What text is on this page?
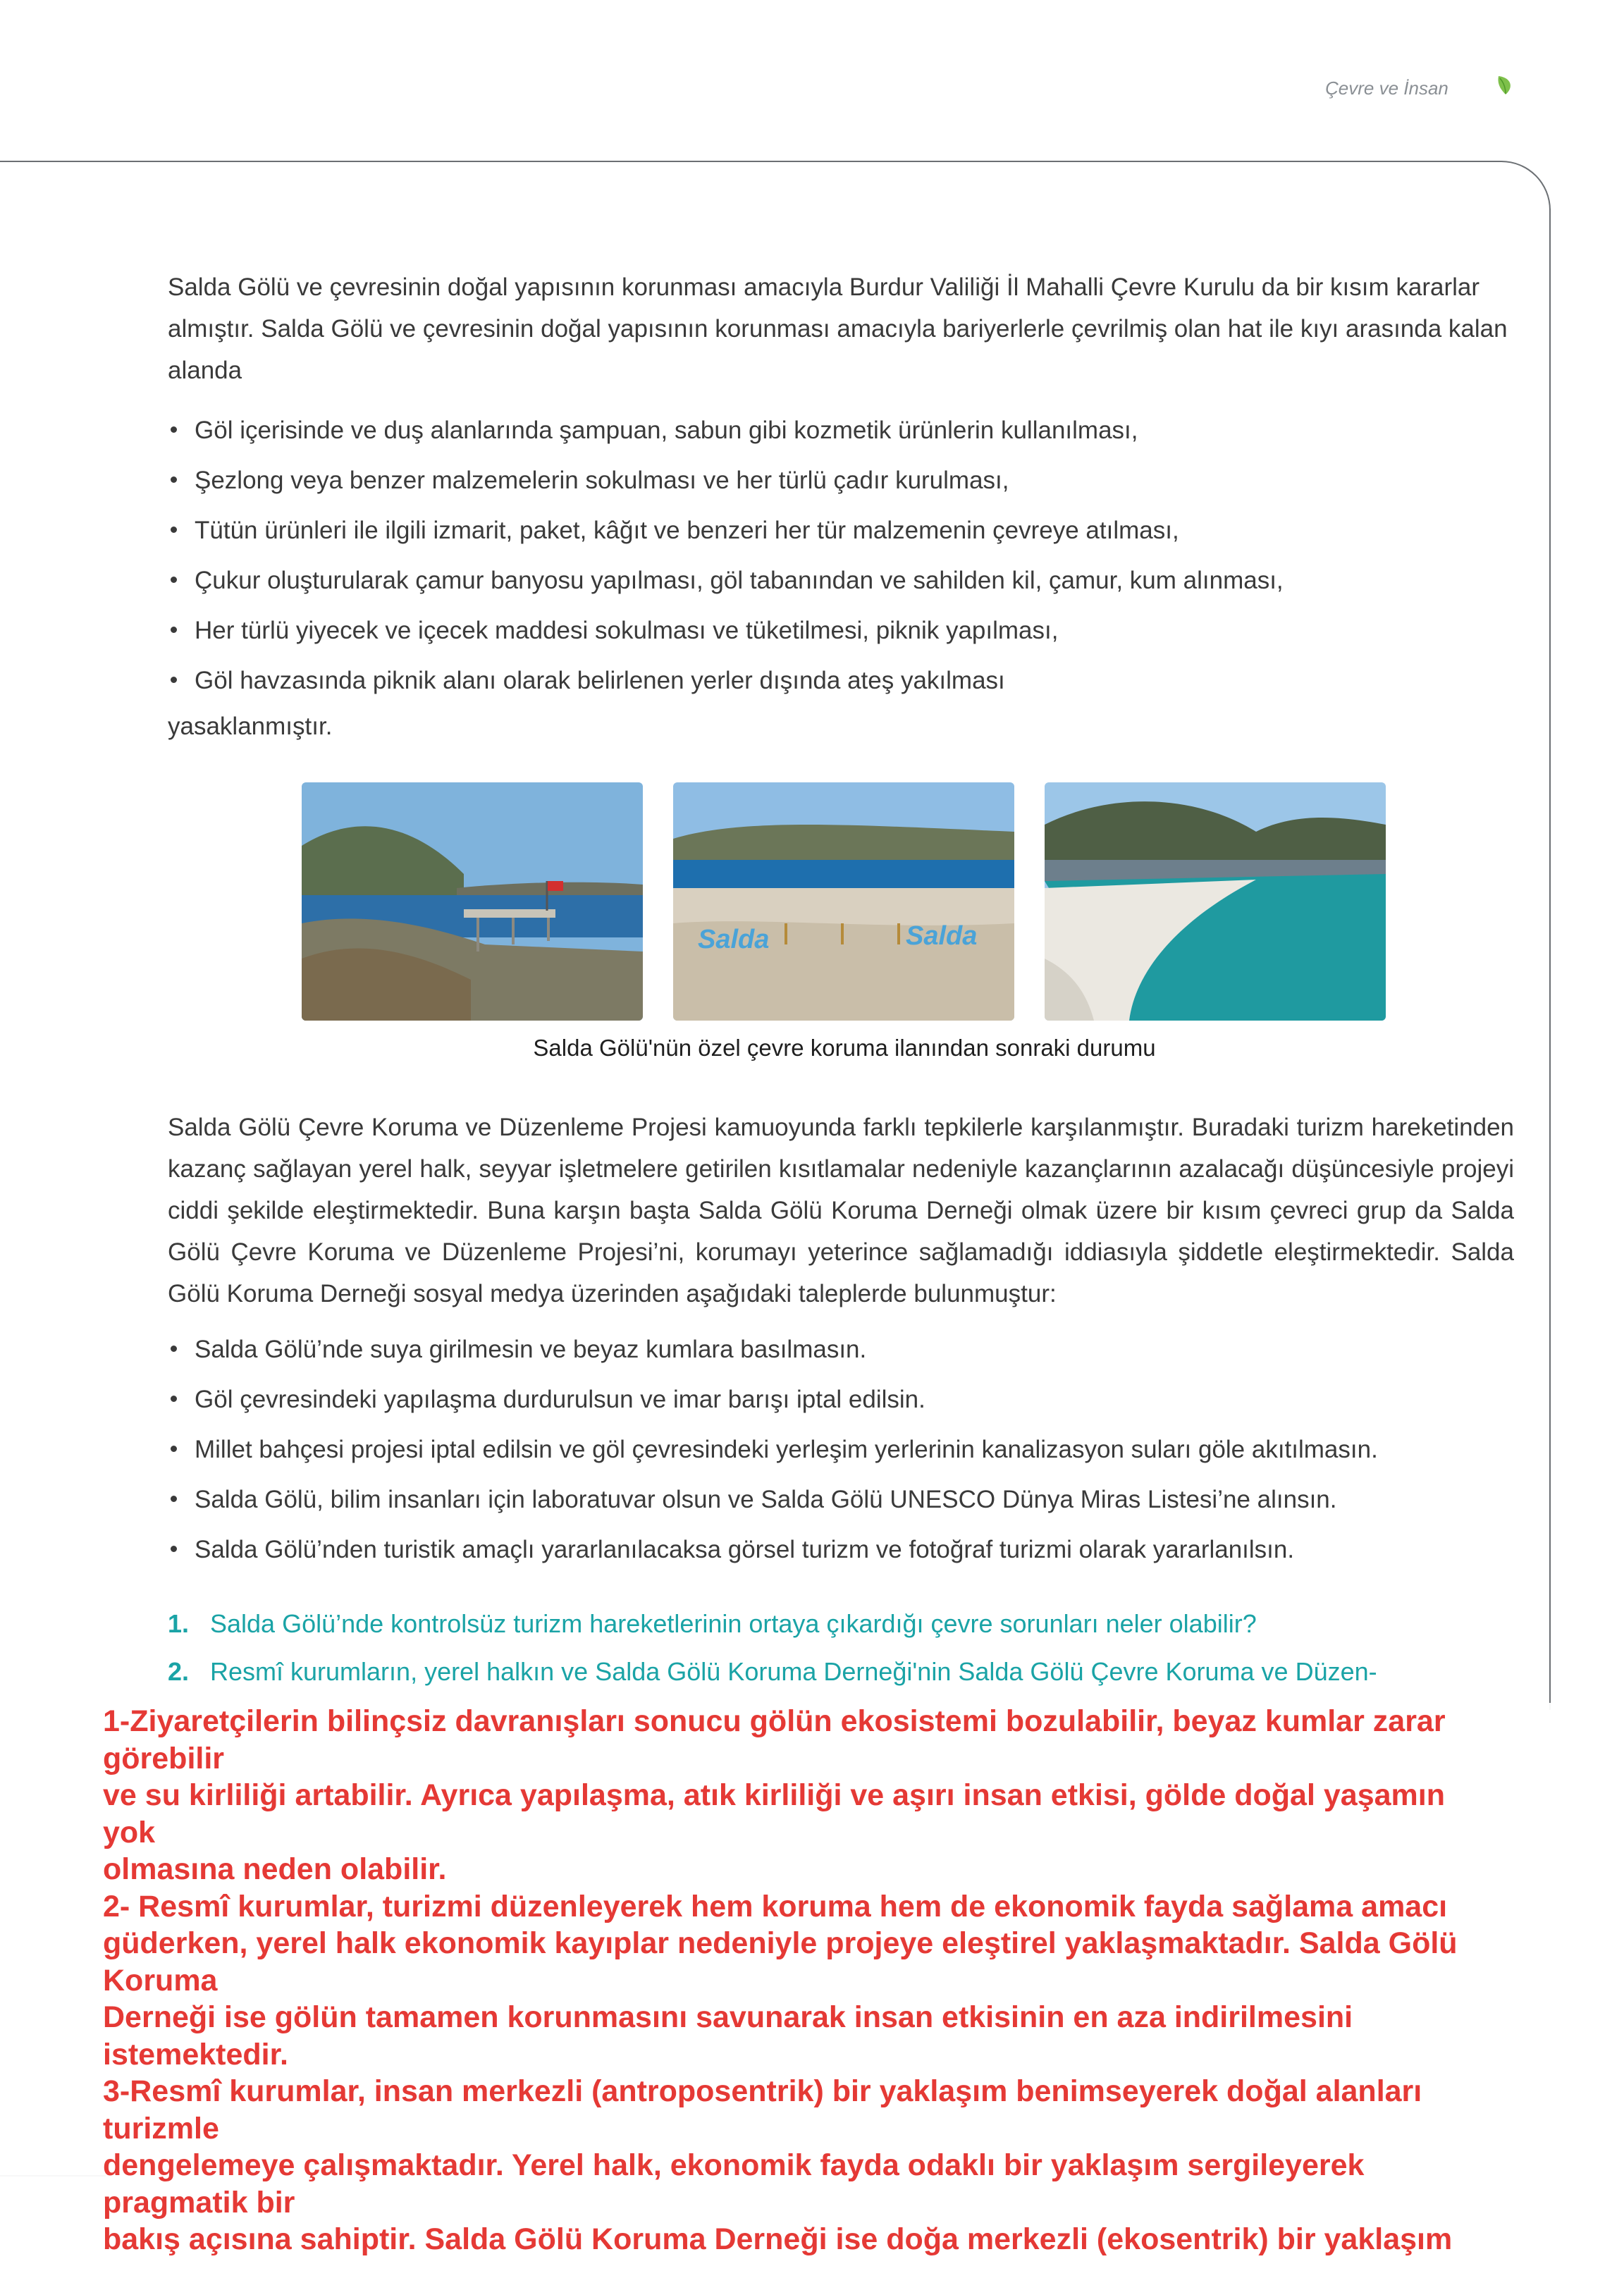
Çevre ve İnsan

Salda Gölü ve çevresinin doğal yapısının korunması amacıyla Burdur Valiliği İl Mahalli Çevre Kurulu da bir kısım kararlar almıştır. Salda Gölü ve çevresinin doğal yapısının korunması amacıyla bariyerlerle çevrilmiş olan hat ile kıyı arasında kalan alanda

Göl içerisinde ve duş alanlarında şampuan, sabun gibi kozmetik ürünlerin kullanılması,
Şezlong veya benzer malzemelerin sokulması ve her türlü çadır kurulması,
Tütün ürünleri ile ilgili izmarit, paket, kâğıt ve benzeri her tür malzemenin çevreye atılması,
Çukur oluşturularak çamur banyosu yapılması, göl tabanından ve sahilden kil, çamur, kum alınması,
Her türlü yiyecek ve içecek maddesi sokulması ve tüketilmesi, piknik yapılması,
Göl havzasında piknik alanı olarak belirlenen yerler dışında ateş yakılması

yasaklanmıştır.

Salda	Salda
Salda Gölü'nün özel çevre koruma ilanından sonraki durumu

Salda Gölü Çevre Koruma ve Düzenleme Projesi kamuoyunda farklı tepkilerle karşılanmıştır. Buradaki turizm hareketinden kazanç sağlayan yerel halk, seyyar işletmelere getirilen kısıtlamalar nedeniyle kazançlarının azalacağı düşüncesiyle projeyi ciddi şekilde eleştirmektedir. Buna karşın başta Salda Gölü Koruma Derneği olmak üzere bir kısım çevreci grup da Salda Gölü Çevre Koruma ve Düzenleme Projesi’ni, korumayı yeterince sağlamadığı iddiasıyla şiddetle eleştirmektedir. Salda Gölü Koruma Derneği sosyal medya üzerinden aşağıdaki taleplerde bulunmuştur:

Salda Gölü’nde suya girilmesin ve beyaz kumlara basılmasın.
Göl çevresindeki yapılaşma durdurulsun ve imar barışı iptal edilsin.
Millet bahçesi projesi iptal edilsin ve göl çevresindeki yerleşim yerlerinin kanalizasyon suları göle akıtılmasın.
Salda Gölü, bilim insanları için laboratuvar olsun ve Salda Gölü UNESCO Dünya Miras Listesi’ne alınsın.
Salda Gölü’nden turistik amaçlı yararlanılacaksa görsel turizm ve fotoğraf turizmi olarak yararlanılsın.
1. Salda Gölü’nde kontrolsüz turizm hareketlerinin ortaya çıkardığı çevre sorunları neler olabilir?
2. Resmî kurumların, yerel halkın ve Salda Gölü Koruma Derneği'nin Salda Gölü Çevre Koruma ve Düzen-
1-Ziyaretçilerin bilinçsiz davranışları sonucu gölün ekosistemi bozulabilir, beyaz kumlar zarar
görebilir
ve su kirliliği artabilir. Ayrıca yapılaşma, atık kirliliği ve aşırı insan etkisi, gölde doğal yaşamın
yok
olmasına neden olabilir.
2- Resmî kurumlar, turizmi düzenleyerek hem koruma hem de ekonomik fayda sağlama amacı
güderken, yerel halk ekonomik kayıplar nedeniyle projeye eleştirel yaklaşmaktadır. Salda Gölü
Koruma
Derneği ise gölün tamamen korunmasını savunarak insan etkisinin en aza indirilmesini
istemektedir.
3-Resmî kurumlar, insan merkezli (antroposentrik) bir yaklaşım benimseyerek doğal alanları
turizmle
dengelemeye çalışmaktadır. Yerel halk, ekonomik fayda odaklı bir yaklaşım sergileyerek
pragmatik bir
bakış açısına sahiptir. Salda Gölü Koruma Derneği ise doğa merkezli (ekosentrik) bir yaklaşım
